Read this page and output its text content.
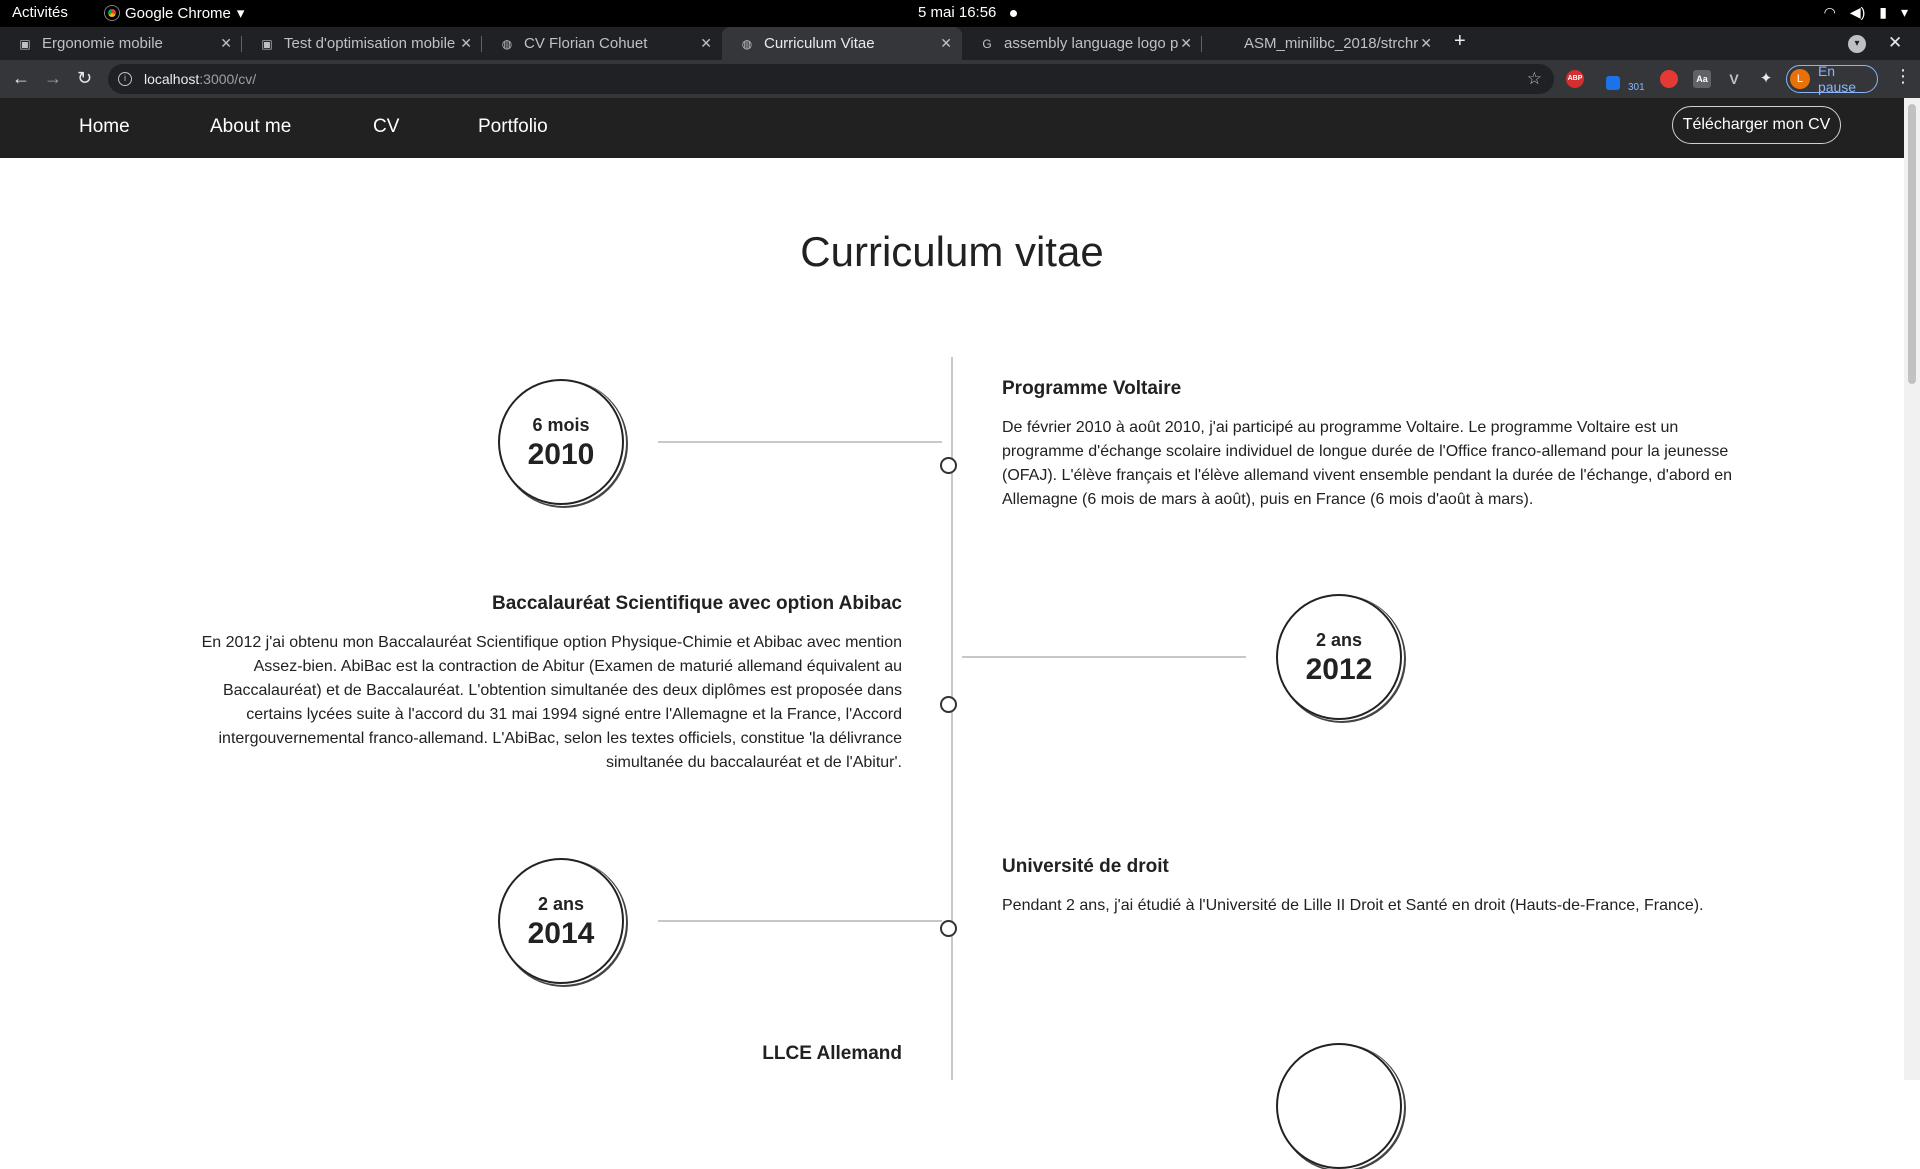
Activités	Google Chrome ▾	5 mai 16:56	◠ ◀) ▮ ▾
▣ Ergonomie mobile	✕ ▣ Test d'optimisation mobile ✕ ◍ CV Florian Cohuet	✕ ◍ Curriculum Vitae	✕	G assembly language logo p ✕	ASM_minilibc_2018/strchr ✕ +	▾	✕
← → ↻	i	localhost :3000/cv/	☆	ABP
301
Aa	V ✦	L	En pause
⋮
Home	About me	CV	Portfolio	Télécharger mon CV
Curriculum vitae
6 mois
2010
Programme Voltaire

De février 2010 à août 2010, j'ai participé au programme Voltaire. Le programme Voltaire est un programme d'échange scolaire individuel de longue durée de l'Office franco-allemand pour la jeunesse (OFAJ). L'élève français et l'élève allemand vivent ensemble pendant la durée de l'échange, d'abord en Allemagne (6 mois de mars à août), puis en France (6 mois d'août à mars).

Baccalauréat Scientifique avec option Abibac

En 2012 j'ai obtenu mon Baccalauréat Scientifique option Physique-Chimie et Abibac avec mention Assez-bien. AbiBac est la contraction de Abitur (Examen de maturié allemand équivalent au Baccalauréat) et de Baccalauréat. L'obtention simultanée des deux diplômes est proposée dans certains lycées suite à l'accord du 31 mai 1994 signé entre l'Allemagne et la France, l'Accord intergouvernemental franco-allemand. L'AbiBac, selon les textes officiels, constitue 'la délivrance simultanée du baccalauréat et de l'Abitur'.

2 ans
2012
2 ans
2014
Université de droit

Pendant 2 ans, j'ai étudié à l'Université de Lille II Droit et Santé en droit (Hauts-de-France, France).

LLCE Allemand
